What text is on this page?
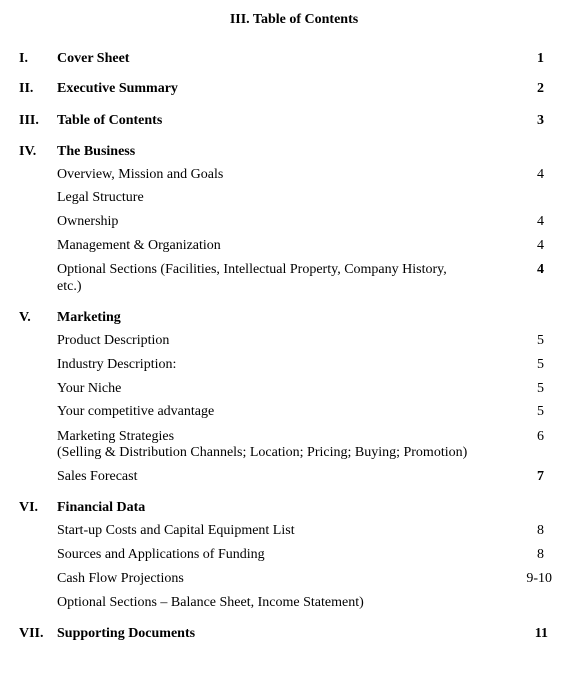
III. Table of Contents
I. Cover Sheet	1
II. Executive Summary	2
III. Table of Contents	3
IV. The Business
Overview, Mission and Goals	4
Legal Structure
Ownership	4
Management & Organization	4
Optional Sections (Facilities, Intellectual Property, Company History,	4
etc.)
V. Marketing
Product Description	5
Industry Description:	5
Your Niche	5
Your competitive advantage	5
Marketing Strategies	6
(Selling & Distribution Channels; Location; Pricing; Buying; Promotion)
Sales Forecast	7
VI. Financial Data
Start-up Costs and Capital Equipment List	8
Sources and Applications of Funding	8
Cash Flow Projections	9-10
Optional Sections – Balance Sheet, Income Statement)
VII. Supporting Documents	11
